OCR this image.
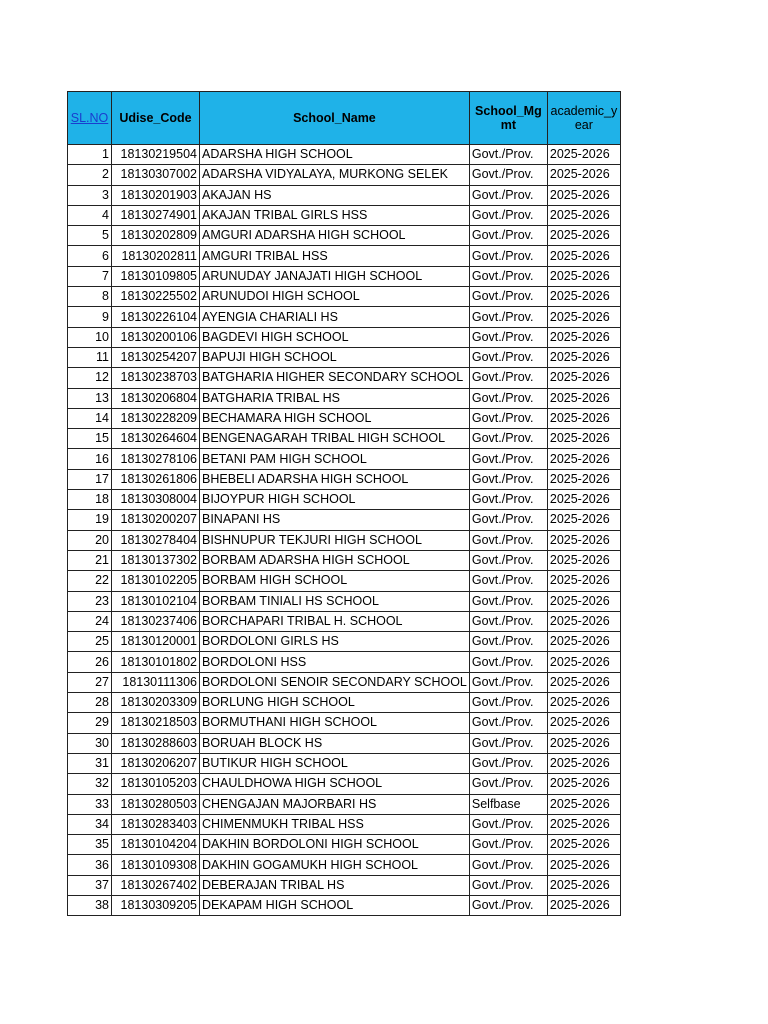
SL.NO	Udise_Code	School_Name	School_Mgmt	academic_year
1	18130219504	ADARSHA HIGH SCHOOL	Govt./Prov.	2025-2026
2	18130307002	ADARSHA VIDYALAYA, MURKONG SELEK	Govt./Prov.	2025-2026
3	18130201903	AKAJAN HS	Govt./Prov.	2025-2026
4	18130274901	AKAJAN TRIBAL GIRLS HSS	Govt./Prov.	2025-2026
5	18130202809	AMGURI ADARSHA HIGH SCHOOL	Govt./Prov.	2025-2026
6	18130202811	AMGURI TRIBAL HSS	Govt./Prov.	2025-2026
7	18130109805	ARUNUDAY JANAJATI HIGH SCHOOL	Govt./Prov.	2025-2026
8	18130225502	ARUNUDOI HIGH SCHOOL	Govt./Prov.	2025-2026
9	18130226104	AYENGIA CHARIALI HS	Govt./Prov.	2025-2026
10	18130200106	BAGDEVI HIGH SCHOOL	Govt./Prov.	2025-2026
11	18130254207	BAPUJI HIGH SCHOOL	Govt./Prov.	2025-2026
12	18130238703	BATGHARIA HIGHER SECONDARY SCHOOL	Govt./Prov.	2025-2026
13	18130206804	BATGHARIA TRIBAL HS	Govt./Prov.	2025-2026
14	18130228209	BECHAMARA HIGH SCHOOL	Govt./Prov.	2025-2026
15	18130264604	BENGENAGARAH TRIBAL HIGH SCHOOL	Govt./Prov.	2025-2026
16	18130278106	BETANI PAM HIGH SCHOOL	Govt./Prov.	2025-2026
17	18130261806	BHEBELI ADARSHA HIGH SCHOOL	Govt./Prov.	2025-2026
18	18130308004	BIJOYPUR HIGH SCHOOL	Govt./Prov.	2025-2026
19	18130200207	BINAPANI HS	Govt./Prov.	2025-2026
20	18130278404	BISHNUPUR TEKJURI HIGH SCHOOL	Govt./Prov.	2025-2026
21	18130137302	BORBAM ADARSHA HIGH SCHOOL	Govt./Prov.	2025-2026
22	18130102205	BORBAM HIGH SCHOOL	Govt./Prov.	2025-2026
23	18130102104	BORBAM TINIALI HS SCHOOL	Govt./Prov.	2025-2026
24	18130237406	BORCHAPARI TRIBAL H. SCHOOL	Govt./Prov.	2025-2026
25	18130120001	BORDOLONI GIRLS HS	Govt./Prov.	2025-2026
26	18130101802	BORDOLONI HSS	Govt./Prov.	2025-2026
27	18130111306	BORDOLONI SENOIR SECONDARY SCHOOL	Govt./Prov.	2025-2026
28	18130203309	BORLUNG HIGH SCHOOL	Govt./Prov.	2025-2026
29	18130218503	BORMUTHANI HIGH SCHOOL	Govt./Prov.	2025-2026
30	18130288603	BORUAH BLOCK HS	Govt./Prov.	2025-2026
31	18130206207	BUTIKUR HIGH SCHOOL	Govt./Prov.	2025-2026
32	18130105203	CHAULDHOWA HIGH SCHOOL	Govt./Prov.	2025-2026
33	18130280503	CHENGAJAN MAJORBARI HS	Selfbase	2025-2026
34	18130283403	CHIMENMUKH TRIBAL HSS	Govt./Prov.	2025-2026
35	18130104204	DAKHIN BORDOLONI HIGH SCHOOL	Govt./Prov.	2025-2026
36	18130109308	DAKHIN GOGAMUKH HIGH SCHOOL	Govt./Prov.	2025-2026
37	18130267402	DEBERAJAN TRIBAL HS	Govt./Prov.	2025-2026
38	18130309205	DEKAPAM HIGH SCHOOL	Govt./Prov.	2025-2026
